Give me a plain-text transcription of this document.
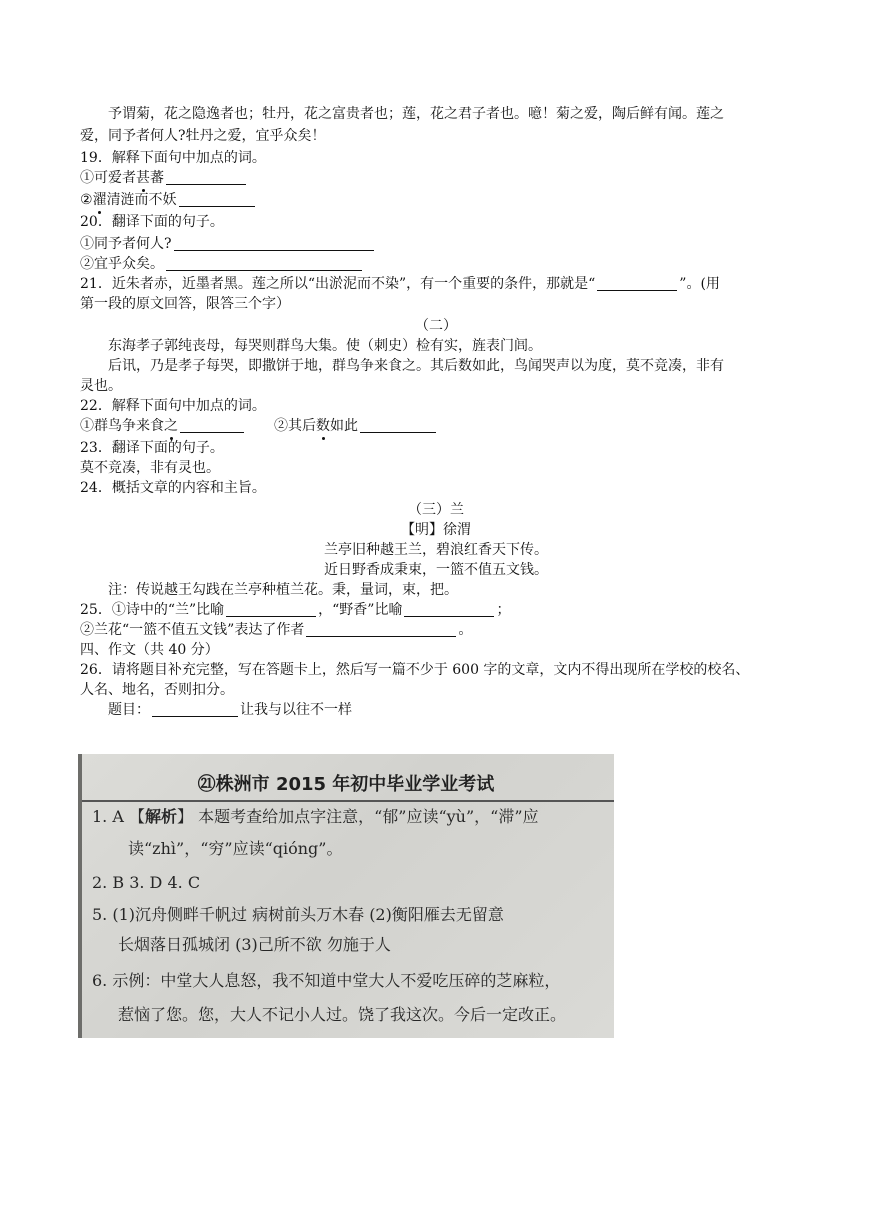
予谓菊，花之隐逸者也；牡丹，花之富贵者也；莲，花之君子者也。噫！菊之爱，陶后鲜有闻。莲之
爱，同予者何人?牡丹之爱，宜乎众矣！
19．解释下面句中加点的词。
①可爱者甚蕃
②濯清涟而不妖
20．翻译下面的句子。
①同予者何人?
②宜乎众矣。
21．近朱者赤，近墨者黑。莲之所以“出淤泥而不染”，有一个重要的条件，那就是“	”。(用
第一段的原文回答，限答三个字）
（二）
东海孝子郭纯丧母，每哭则群鸟大集。使（刺史）检有实，旌表门闾。
后讯，乃是孝子每哭，即撒饼于地，群鸟争来食之。其后数如此，鸟闻哭声以为度，莫不竞凑，非有
灵也。
22．解释下面句中加点的词。
①群鸟争来食之	②其后数如此
23．翻译下面的句子。
莫不竞凑，非有灵也。
24．概括文章的内容和主旨。
（三）兰
【明】徐渭
兰亭旧种越王兰，碧浪红香天下传。
近日野香成秉束，一篮不值五文钱。
注：传说越王勾践在兰亭种植兰花。秉，量词，束，把。
25．①诗中的“兰”比喻	，“野香”比喻	；
②兰花“一篮不值五文钱”表达了作者	。
四、作文（共 40 分）
26．请将题目补充完整，写在答题卡上，然后写一篇不少于 600 字的文章，文内不得出现所在学校的校名、
人名、地名，否则扣分。
题目：	让我与以往不一样
㉑株洲市 2015 年初中毕业学业考试
1. A 【解析】 本题考查给加点字注意，“郁”应读“yù”，“滞”应
读“zhì”，“穷”应读“qióng”。
2. B 3. D 4. C
5. (1)沉舟侧畔千帆过 病树前头万木春 (2)衡阳雁去无留意
长烟落日孤城闭 (3)己所不欲 勿施于人
6. 示例：中堂大人息怒，我不知道中堂大人不爱吃压碎的芝麻粒，
惹恼了您。您，大人不记小人过。饶了我这次。今后一定改正。
